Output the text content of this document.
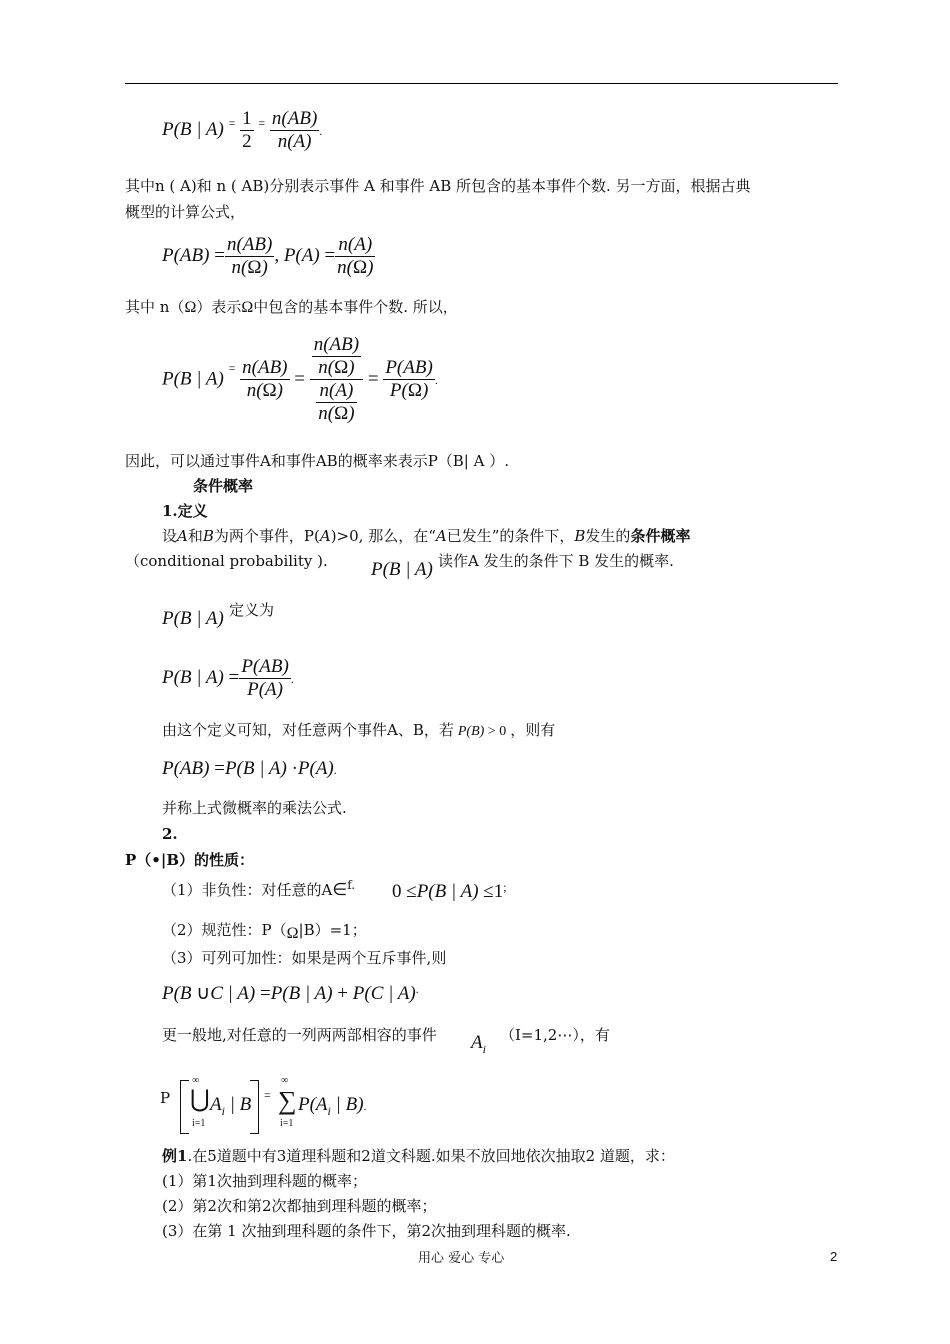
P(B | A) $^= \frac{1}{2} ^= \frac{n(AB)}{n(A)}$ .
其中n ( A)和 n ( AB)分别表示事件 A 和事件 AB 所包含的基本事件个数. 另一方面，根据古典
概型的计算公式，
$P(AB) = \frac{n(AB)}{n(\Omega)}$ , $P(A) = \frac{n(A)}{n(\Omega)}$
其中 n（Ω）表示Ω中包含的基本事件个数. 所以，
P(B | A) $^= \frac{n(AB)}{n(\Omega)} = \frac{\frac{n(AB)}{n(\Omega)}}{\frac{n(A)}{n(\Omega)}} = \frac{P(AB)}{P(\Omega)}$ .
因此，可以通过事件A和事件AB的概率来表示P（B| A ）.
条件概率
1.定义
设A和B为两个事件，P(A)>0, 那么，在“A已发生”的条件下，B发生的条件概率
（conditional probability ). P(B | A) 读作A 发生的条件下 B 发生的概率.
P(B | A) 定义为
P(B | $A) = \frac{P(AB)}{P(A)}$ .
由这个定义可知，对任意两个事件A、B，若 P(B) > 0 ，则有
P(AB) =P(B | A) ·P(A).
并称上式微概率的乘法公式.
2.
P（•|B）的性质：
（1）非负性：对任意的A∈$^{f.}$ 0 ≤P(B | A) ≤1;
（2）规范性：P（Ω|B）=1；
（3）可列可加性：如果是两个互斥事件,则
P(B ∪C | A) =P(B | A) + P(C | A).
更一般地,对任意的一列两两部相容的事件 $A_i$
（I=1,2⋯），有
P
∞
⋃
i=1
$A_i$ | B =
∞
∑
i=1
$P(A_i$ | B).
例1.在5道题中有3道理科题和2道文科题.如果不放回地依次抽取2 道题，求：
(1）第1次抽到理科题的概率；
(2）第2次和第2次都抽到理科题的概率；
(3）在第 1 次抽到理科题的条件下，第2次抽到理科题的概率.
用心 爱心 专心	2
